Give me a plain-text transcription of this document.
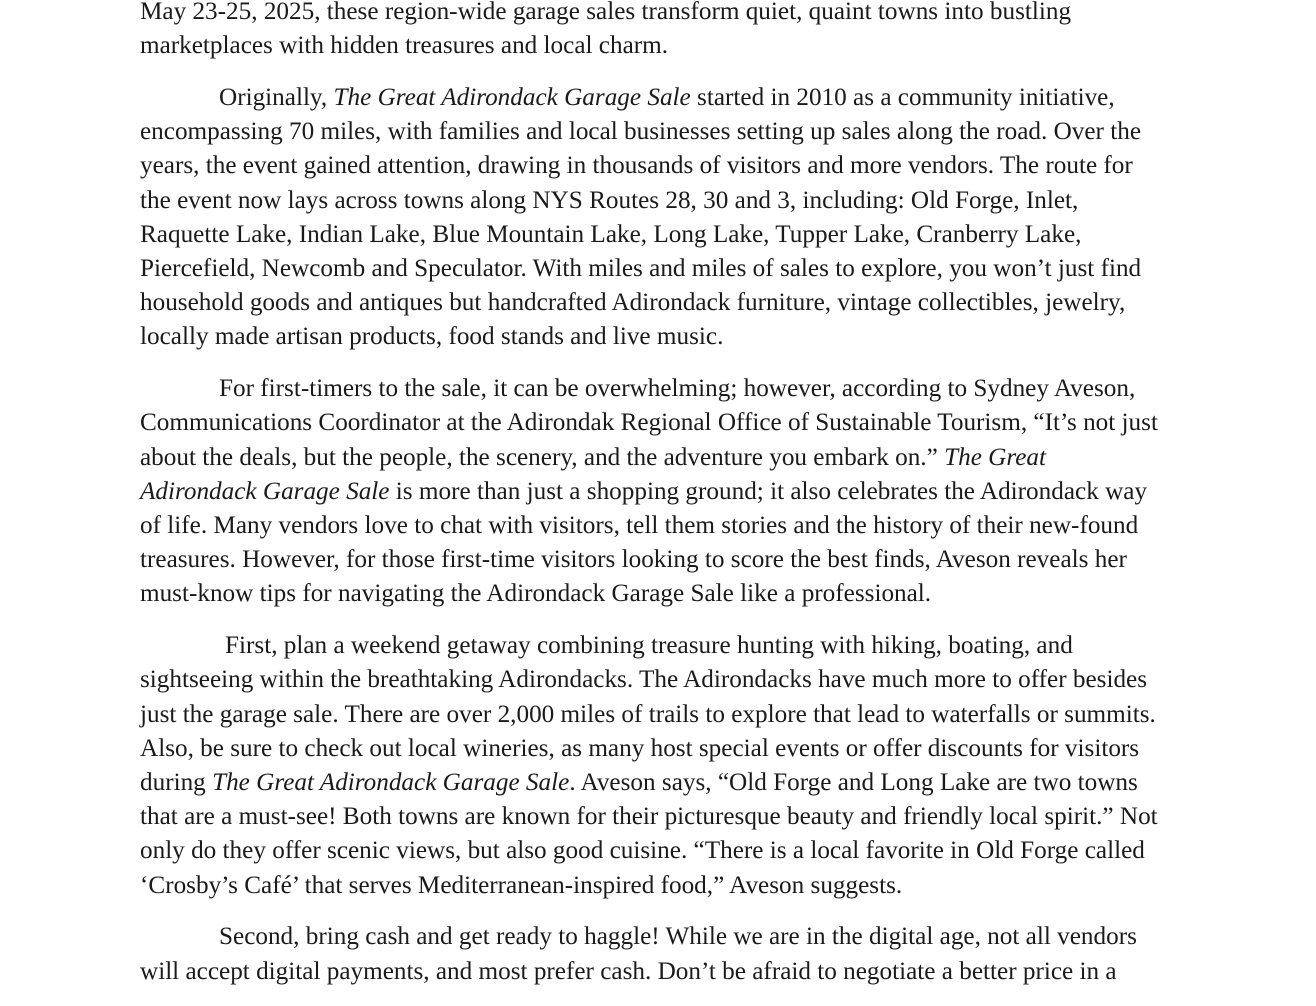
May 23-25, 2025, these region-wide garage sales transform quiet, quaint towns into bustling marketplaces with hidden treasures and local charm.

Originally, The Great Adirondack Garage Sale started in 2010 as a community initiative, encompassing 70 miles, with families and local businesses setting up sales along the road. Over the years, the event gained attention, drawing in thousands of visitors and more vendors. The route for the event now lays across towns along NYS Routes 28, 30 and 3, including: Old Forge, Inlet, Raquette Lake, Indian Lake, Blue Mountain Lake, Long Lake, Tupper Lake, Cranberry Lake, Piercefield, Newcomb and Speculator. With miles and miles of sales to explore, you won’t just find household goods and antiques but handcrafted Adirondack furniture, vintage collectibles, jewelry, locally made artisan products, food stands and live music.

For first-timers to the sale, it can be overwhelming; however, according to Sydney Aveson, Communications Coordinator at the Adirondak Regional Office of Sustainable Tourism, “It’s not just about the deals, but the people, the scenery, and the adventure you embark on.” The Great Adirondack Garage Sale is more than just a shopping ground; it also celebrates the Adirondack way of life. Many vendors love to chat with visitors, tell them stories and the history of their new-found treasures. However, for those first-time visitors looking to score the best finds, Aveson reveals her must-know tips for navigating the Adirondack Garage Sale like a professional.

First, plan a weekend getaway combining treasure hunting with hiking, boating, and sightseeing within the breathtaking Adirondacks. The Adirondacks have much more to offer besides just the garage sale. There are over 2,000 miles of trails to explore that lead to waterfalls or summits. Also, be sure to check out local wineries, as many host special events or offer discounts for visitors during The Great Adirondack Garage Sale. Aveson says, “Old Forge and Long Lake are two towns that are a must-see! Both towns are known for their picturesque beauty and friendly local spirit.” Not only do they offer scenic views, but also good cuisine. “There is a local favorite in Old Forge called ‘Crosby’s Café’ that serves Mediterranean-inspired food,” Aveson suggests.

Second, bring cash and get ready to haggle! While we are in the digital age, not all vendors will accept digital payments, and most prefer cash. Don’t be afraid to negotiate a better price in a
